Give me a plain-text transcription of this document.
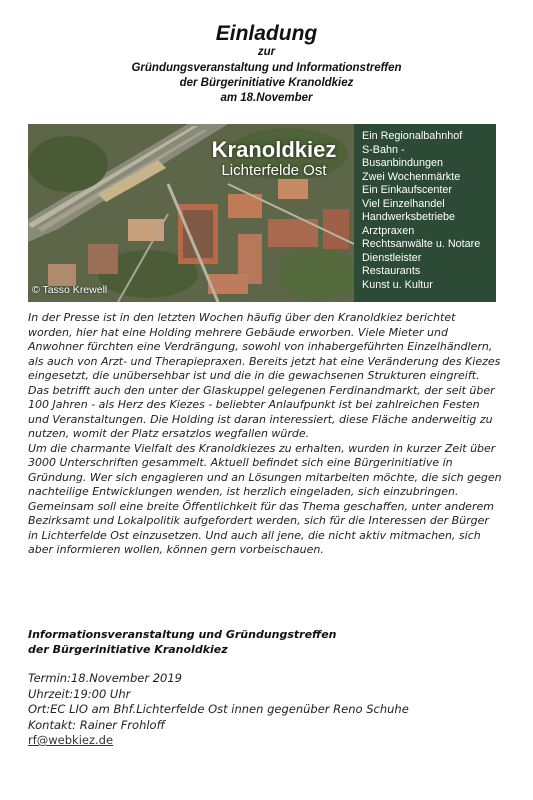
Einladung
zur
Gründungsveranstaltung und Informationstreffen
der Bürgerinitiative Kranoldkiez
am 18.November
Kranoldkiez
Lichterfelde Ost
© Tasso Krewell
Ein Regionalbahnhof
S-Bahn -
Busanbindungen
Zwei Wochenmärkte
Ein Einkaufscenter
Viel Einzelhandel
Handwerksbetriebe
Arztpraxen
Rechtsanwälte u. Notare
Dienstleister
Restaurants
Kunst u. Kultur

In der Presse ist in den letzten Wochen häufig über den Kranoldkiez berichtet worden, hier hat eine Holding mehrere Gebäude erworben. Viele Mieter und Anwohner fürchten eine Verdrängung, sowohl von inhabergeführten Einzelhändlern, als auch von Arzt- und Therapiepraxen. Bereits jetzt hat eine Veränderung des Kiezes eingesetzt, die unübersehbar ist und die in die gewachsenen Strukturen eingreift. Das betrifft auch den unter der Glaskuppel gelegenen Ferdinandmarkt, der seit über 100 Jahren - als Herz des Kiezes - beliebter Anlaufpunkt ist bei zahlreichen Festen und Veranstaltungen. Die Holding ist daran interessiert, diese Fläche anderweitig zu nutzen, womit der Platz ersatzlos wegfallen würde.

Um die charmante Vielfalt des Kranoldkiezes zu erhalten, wurden in kurzer Zeit über 3000 Unterschriften gesammelt. Aktuell befindet sich eine Bürgerinitiative in Gründung. Wer sich engagieren und an Lösungen mitarbeiten möchte, die sich gegen nachteilige Entwicklungen wenden, ist herzlich eingeladen, sich einzubringen. Gemeinsam soll eine breite Öffentlichkeit für das Thema geschaffen, unter anderem Bezirksamt und Lokalpolitik aufgefordert werden, sich für die Interessen der Bürger in Lichterfelde Ost einzusetzen. Und auch all jene, die nicht aktiv mitmachen, sich aber informieren wollen, können gern vorbeischauen.

Informationsveranstaltung und Gründungstreffen
der Bürgerinitiative Kranoldkiez
Termin:18.November 2019
Uhrzeit:19:00 Uhr
Ort:EC LIO am Bhf.Lichterfelde Ost innen gegenüber Reno Schuhe
Kontakt: Rainer Frohloff
rf@webkiez.de
